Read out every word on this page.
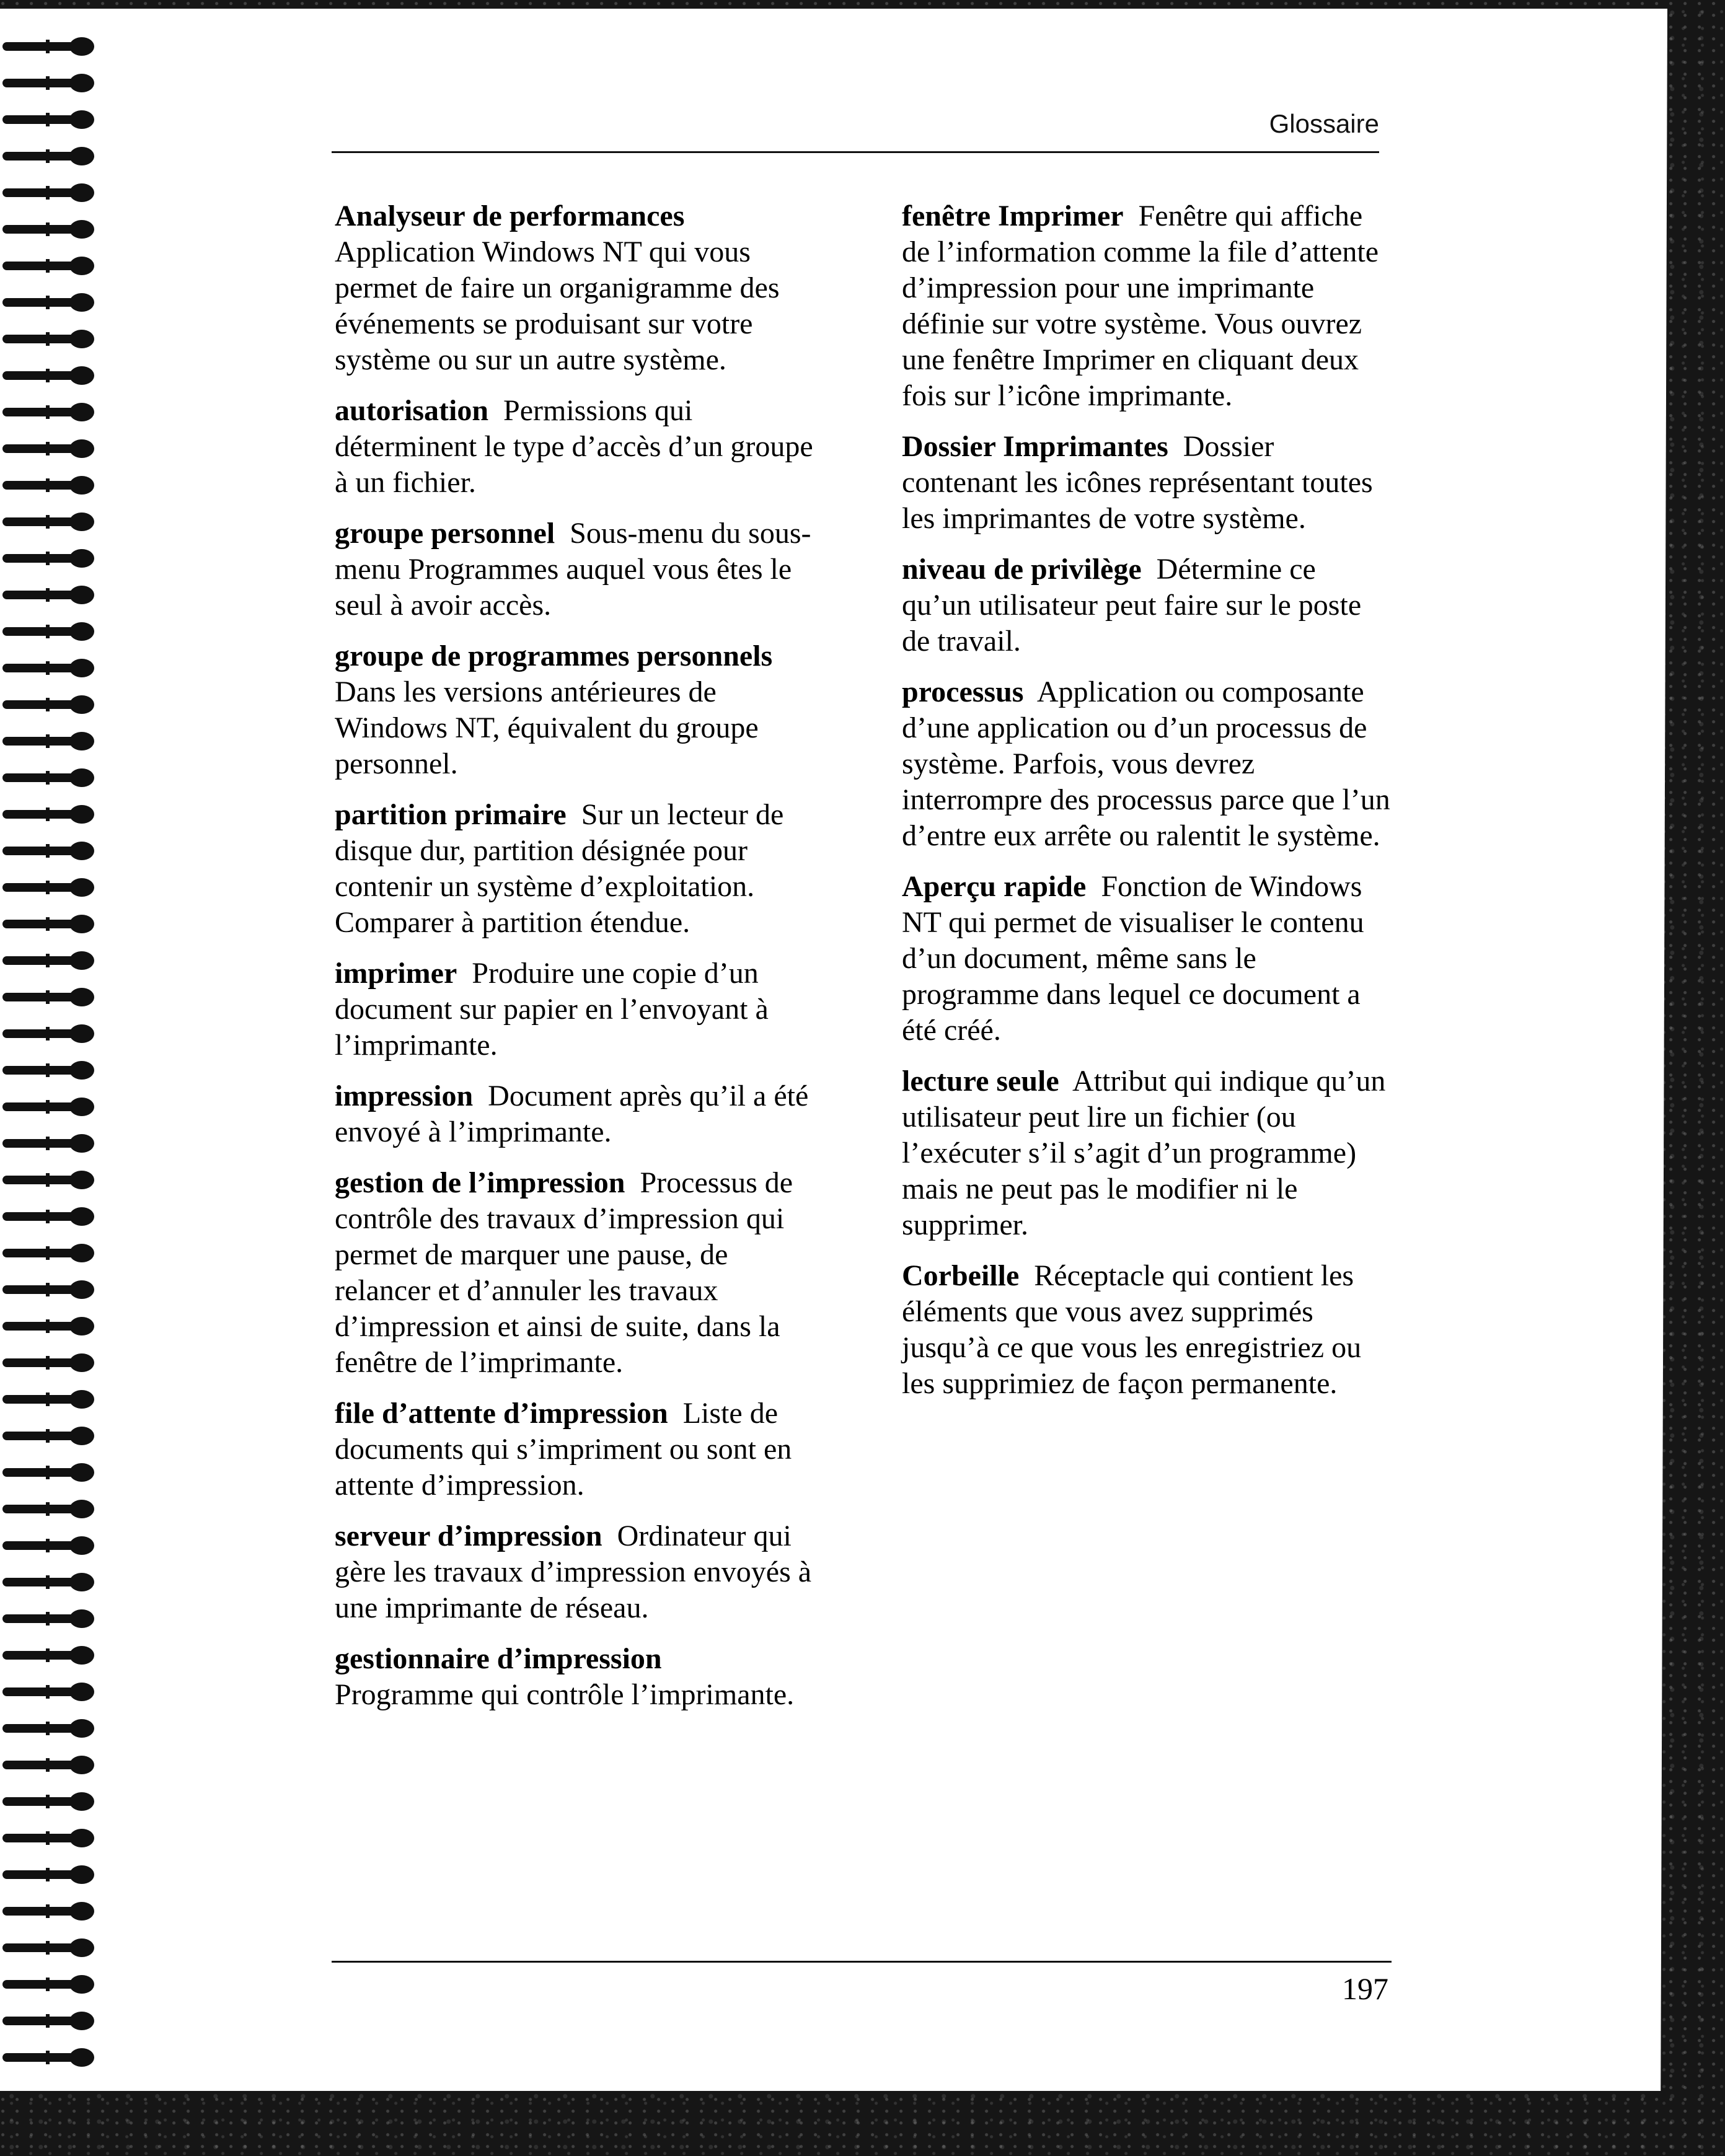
Glossaire

Analyseur de performances
Application Windows NT qui vous permet de faire un organigramme des événements se produisant sur votre système ou sur un autre système.

autorisation Permissions qui déterminent le type d’accès d’un groupe à un fichier.

groupe personnel Sous-menu du sous-menu Programmes auquel vous êtes le seul à avoir accès.

groupe de programmes personnels
Dans les versions antérieures de Windows NT, équivalent du groupe personnel.

partition primaire Sur un lecteur de disque dur, partition désignée pour contenir un système d’exploitation. Comparer à partition étendue.

imprimer Produire une copie d’un document sur papier en l’envoyant à l’imprimante.

impression Document après qu’il a été envoyé à l’imprimante.

gestion de l’impression Processus de contrôle des travaux d’impression qui permet de marquer une pause, de relancer et d’annuler les travaux d’impression et ainsi de suite, dans la fenêtre de l’imprimante.

file d’attente d’impression Liste de documents qui s’impriment ou sont en attente d’impression.

serveur d’impression Ordinateur qui gère les travaux d’impression envoyés à une imprimante de réseau.

gestionnaire d’impression
Programme qui contrôle l’imprimante.

fenêtre Imprimer Fenêtre qui affiche de l’information comme la file d’attente d’impression pour une imprimante définie sur votre système. Vous ouvrez une fenêtre Imprimer en cliquant deux fois sur l’icône imprimante.

Dossier Imprimantes Dossier contenant les icônes représentant toutes les imprimantes de votre système.

niveau de privilège Détermine ce qu’un utilisateur peut faire sur le poste de travail.

processus Application ou composante d’une application ou d’un processus de système. Parfois, vous devrez interrompre des processus parce que l’un d’entre eux arrête ou ralentit le système.

Aperçu rapide Fonction de Windows NT qui permet de visualiser le contenu d’un document, même sans le programme dans lequel ce document a été créé.

lecture seule Attribut qui indique qu’un utilisateur peut lire un fichier (ou l’exécuter s’il s’agit d’un programme) mais ne peut pas le modifier ni le supprimer.

Corbeille Réceptacle qui contient les éléments que vous avez supprimés jusqu’à ce que vous les enregistriez ou les supprimiez de façon permanente.

197
